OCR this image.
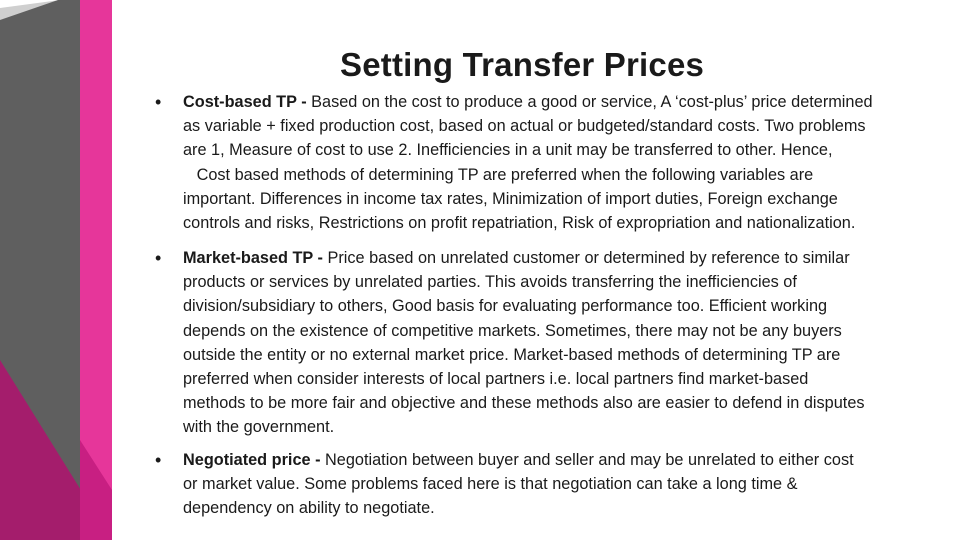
Setting Transfer Prices
• Cost-based TP - Based on the cost to produce a good or service, A ‘cost-plus’ price determined
as variable + fixed production cost, based on actual or budgeted/standard costs. Two problems
are 1, Measure of cost to use 2. Inefficiencies in a unit may be transferred to other. Hence,
Cost based methods of determining TP are preferred when the following variables are
important. Differences in income tax rates, Minimization of import duties, Foreign exchange
controls and risks, Restrictions on profit repatriation, Risk of expropriation and nationalization.
• Market-based TP - Price based on unrelated customer or determined by reference to similar
products or services by unrelated parties. This avoids transferring the inefficiencies of
division/subsidiary to others, Good basis for evaluating performance too. Efficient working
depends on the existence of competitive markets. Sometimes, there may not be any buyers
outside the entity or no external market price. Market-based methods of determining TP are
preferred when consider interests of local partners i.e. local partners find market-based
methods to be more fair and objective and these methods also are easier to defend in disputes
with the government.
• Negotiated price - Negotiation between buyer and seller and may be unrelated to either cost
or market value. Some problems faced here is that negotiation can take a long time &
dependency on ability to negotiate.
